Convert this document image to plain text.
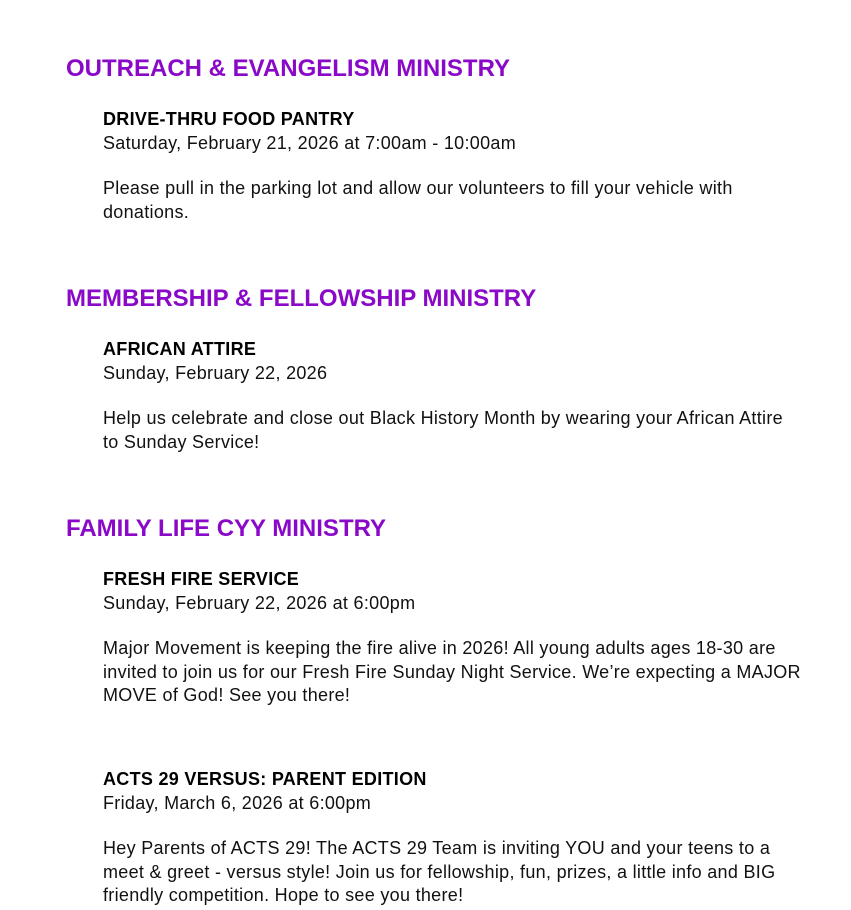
OUTREACH & EVANGELISM MINISTRY
DRIVE-THRU FOOD PANTRY

Saturday, February 21, 2026 at 7:00am - 10:00am

Please pull in the parking lot and allow our volunteers to fill your vehicle with donations.

MEMBERSHIP & FELLOWSHIP MINISTRY
AFRICAN ATTIRE

Sunday, February 22, 2026

Help us celebrate and close out Black History Month by wearing your African Attire to Sunday Service!

FAMILY LIFE CYY MINISTRY
FRESH FIRE SERVICE

Sunday, February 22, 2026 at 6:00pm

Major Movement is keeping the fire alive in 2026! All young adults ages 18-30 are invited to join us for our Fresh Fire Sunday Night Service. We’re expecting a MAJOR MOVE of God! See you there!

ACTS 29 VERSUS: PARENT EDITION

Friday, March 6, 2026 at 6:00pm

Hey Parents of ACTS 29! The ACTS 29 Team is inviting YOU and your teens to a meet & greet - versus style! Join us for fellowship, fun, prizes, a little info and BIG friendly competition. Hope to see you there!
